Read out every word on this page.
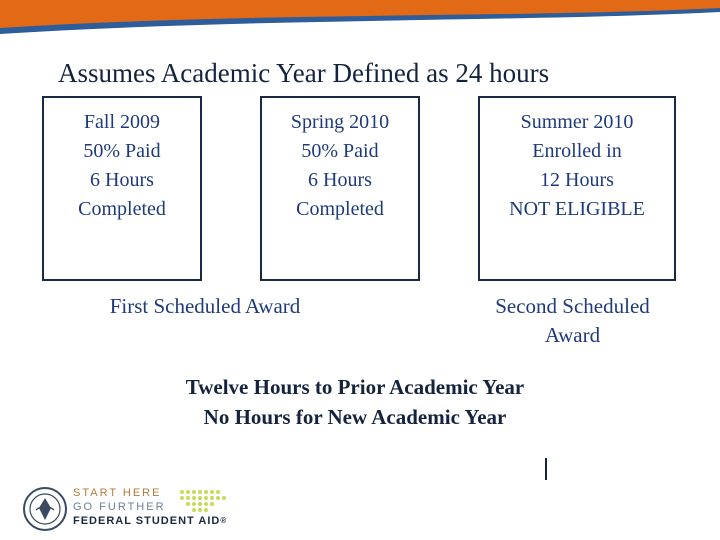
Assumes Academic Year Defined as 24 hours
Fall 2009
50% Paid
6 Hours
Completed
Spring 2010
50% Paid
6 Hours
Completed
Summer 2010
Enrolled in
12 Hours
NOT ELIGIBLE
First Scheduled Award	Second Scheduled
Award
Twelve Hours to Prior Academic Year
No Hours for New Academic Year
START HERE
GO FURTHER
FEDERAL STUDENT AID®
